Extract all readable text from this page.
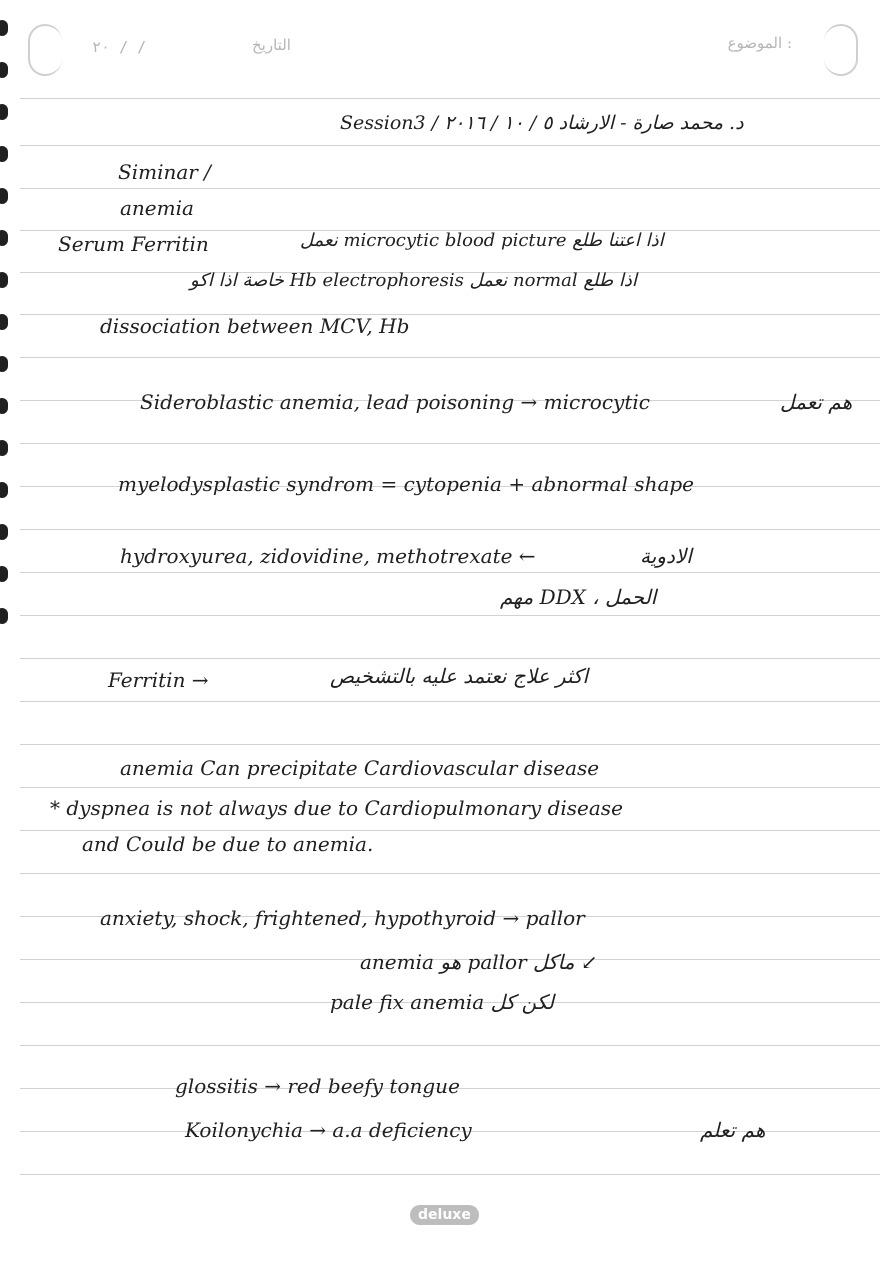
٢٠ / /	التاريخ	الموضوع :
Session3 / د. محمد صارة - الارشاد ٥ / ١٠ / ٢٠١٦
Siminar /
anemia
Serum Ferritin	اذا اعتنا طلع microcytic blood picture نعمل
اذا طلع normal نعمل Hb electrophoresis خاصة اذا اكو
dissociation between MCV, Hb
Sideroblastic anemia, lead poisoning → microcytic	هم تعمل
myelodysplastic syndrom = cytopenia + abnormal shape
hydroxyurea, zidovidine, methotrexate ←	الادوية
الحمل ، DDX مهم
Ferritin →	اكثر علاج نعتمد عليه بالتشخيص
anemia Can precipitate Cardiovascular disease
* dyspnea is not always due to Cardiopulmonary disease
and Could be due to anemia.
anxiety, shock, frightened, hypothyroid → pallor
↙ ماكل pallor هو anemia
لكن كل pale fix anemia
glossitis → red beefy tongue
Koilonychia → a.a deficiency	هم تعلم
deluxe
